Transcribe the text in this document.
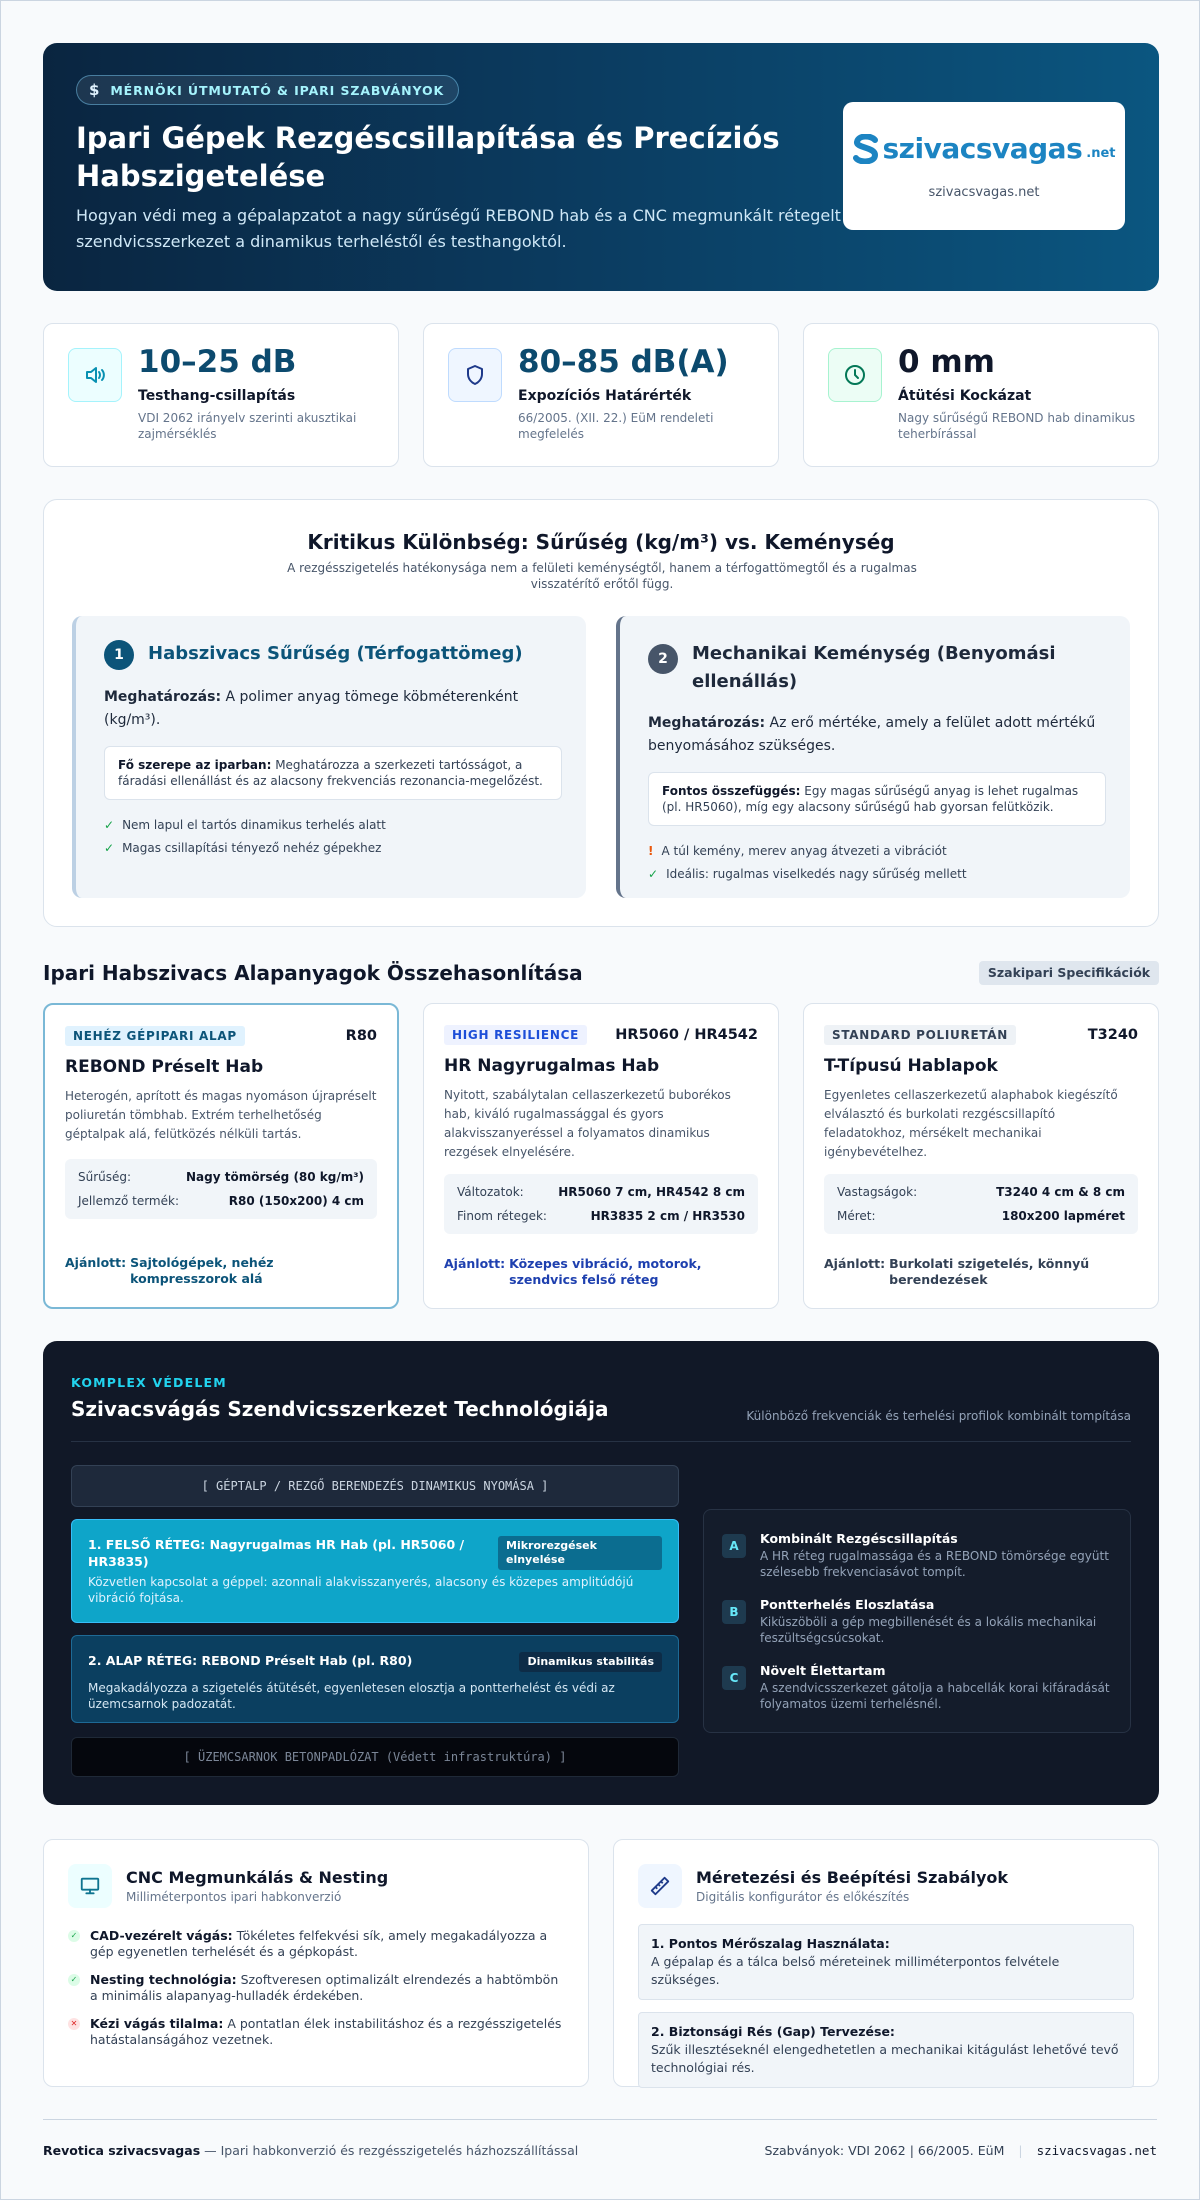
$ MÉRNÖKI ÚTMUTATÓ & IPARI SZABVÁNYOK
Ipari Gépek Rezgéscsillapítása és Precíziós Habszigetelése
Hogyan védi meg a gépalapzatot a nagy sűrűségű REBOND hab és a CNC megmunkált rétegelt
szendvicsszerkezet a dinamikus terheléstől és testhangoktól.
szivacsvagas .net
szivacsvagas.net
10–25 dB
Testhang-csillapítás
VDI 2062 irányelv szerinti akusztikai zajmérséklés
80–85 dB(A)
Expozíciós Határérték
66/2005. (XII. 22.) EüM rendeleti megfelelés
0 mm
Átütési Kockázat
Nagy sűrűségű REBOND hab dinamikus teherbírással
Kritikus Különbség: Sűrűség (kg/m³) vs. Keménység
A rezgésszigetelés hatékonysága nem a felületi keménységtől, hanem a térfogattömegtől és a rugalmas visszatérítő erőtől függ.
1	Habszivacs Sűrűség (Térfogattömeg)

Meghatározás: A polimer anyag tömege köbméterenként (kg/m³).

Fő szerepe az iparban: Meghatározza a szerkezeti tartósságot, a fáradási ellenállást és az alacsony frekvenciás rezonancia-megelőzést.
✓ Nem lapul el tartós dinamikus terhelés alatt
✓ Magas csillapítási tényező nehéz gépekhez
2	Mechanikai Keménység (Benyomási ellenállás)

Meghatározás: Az erő mértéke, amely a felület adott mértékű benyomásához szükséges.

Fontos összefüggés: Egy magas sűrűségű anyag is lehet rugalmas (pl. HR5060), míg egy alacsony sűrűségű hab gyorsan felütközik.
! A túl kemény, merev anyag átvezeti a vibrációt
✓ Ideális: rugalmas viselkedés nagy sűrűség mellett
Ipari Habszivacs Alapanyagok Összehasonlítása	Szakipari Specifikációk
NEHÉZ GÉPIPARI ALAP	R80
REBOND Préselt Hab

Heterogén, aprított és magas nyomáson újrapréselt poliuretán tömbhab. Extrém terhelhetőség géptalpak alá, felütközés nélküli tartás.

Sűrűség:	Nagy tömörség (80 kg/m³)
Jellemző termék:	R80 (150x200) 4 cm
Ajánlott: Sajtológépek, nehéz kompresszorok alá
HIGH RESILIENCE	HR5060 / HR4542
HR Nagyrugalmas Hab

Nyitott, szabálytalan cellaszerkezetű buborékos hab, kiváló rugalmassággal és gyors alakvisszanyeréssel a folyamatos dinamikus rezgések elnyelésére.

Változatok:	HR5060 7 cm, HR4542 8 cm
Finom rétegek:	HR3835 2 cm / HR3530
Ajánlott: Közepes vibráció, motorok, szendvics felső réteg
STANDARD POLIURETÁN	T3240
T-Típusú Hablapok

Egyenletes cellaszerkezetű alaphabok kiegészítő elválasztó és burkolati rezgéscsillapító feladatokhoz, mérsékelt mechanikai igénybevételhez.

Vastagságok:	T3240 4 cm & 8 cm
Méret:	180x200 lapméret
Ajánlott: Burkolati szigetelés, könnyű berendezések
KOMPLEX VÉDELEM
Szivacsvágás Szendvicsszerkezet Technológiája	Különböző frekvenciák és terhelési profilok kombinált tompítása
[ GÉPTALP / REZGŐ BERENDEZÉS DINAMIKUS NYOMÁSA ]
1. FELSŐ RÉTEG: Nagyrugalmas HR Hab (pl. HR5060 / HR3835)
Mikrorezgések elnyelése
Közvetlen kapcsolat a géppel: azonnali alakvisszanyerés, alacsony és közepes amplitúdójú vibráció fojtása.
2. ALAP RÉTEG: REBOND Préselt Hab (pl. R80)	Dinamikus stabilitás
Megakadályozza a szigetelés átütését, egyenletesen elosztja a pontterhelést és védi az üzemcsarnok padozatát.
[ ÜZEMCSARNOK BETONPADLÓZAT (Védett infrastruktúra) ]
A	Kombinált Rezgéscsillapítás
A HR réteg rugalmassága és a REBOND tömörsége együtt szélesebb frekvenciasávot tompít.
B	Pontterhelés Eloszlatása
Kiküszöböli a gép megbillenését és a lokális mechanikai feszültségcsúcsokat.
C	Növelt Élettartam
A szendvicsszerkezet gátolja a habcellák korai kifáradását folyamatos üzemi terhelésnél.
CNC Megmunkálás & Nesting
Milliméterpontos ipari habkonverzió
✓ CAD-vezérelt vágás: Tökéletes felfekvési sík, amely megakadályozza a gép egyenetlen terhelését és a gépkopást.
✓ Nesting technológia: Szoftveresen optimalizált elrendezés a habtömbön a minimális alapanyag-hulladék érdekében.
✕ Kézi vágás tilalma: A pontatlan élek instabilitáshoz és a rezgésszigetelés hatástalanságához vezetnek.
Méretezési és Beépítési Szabályok
Digitális konfigurátor és előkészítés
1. Pontos Mérőszalag Használata:
A gépalap és a tálca belső méreteinek milliméterpontos felvétele szükséges.
2. Biztonsági Rés (Gap) Tervezése:
Szűk illesztéseknél elengedhetetlen a mechanikai kitágulást lehetővé tevő technológiai rés.
Revotica szivacsvagas — Ipari habkonverzió és rezgésszigetelés házhozszállítással	Szabványok: VDI 2062 | 66/2005. EüM | szivacsvagas.net
